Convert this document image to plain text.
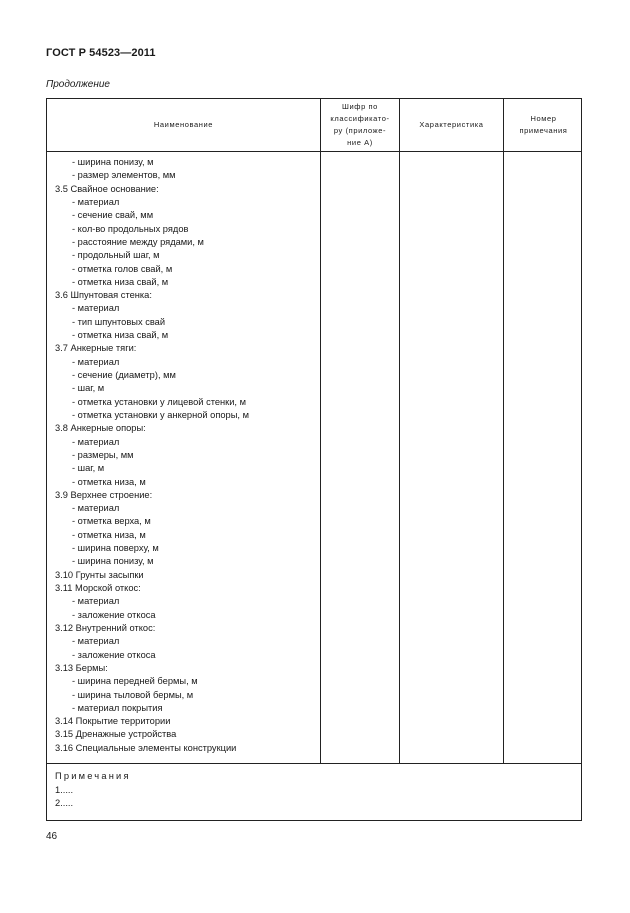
ГОСТ Р 54523—2011
Продолжение
Наименование
Шифр по классификато-ру (приложе-ние А)
Характеристика
Номер примечания
- ширина понизу, м
- размер элементов, мм
3.5 Свайное основание:
- материал
- сечение свай, мм
- кол-во продольных рядов
- расстояние между рядами, м
- продольный шаг, м
- отметка голов свай, м
- отметка низа свай, м
3.6 Шпунтовая стенка:
- материал
- тип шпунтовых свай
- отметка низа свай, м
3.7 Анкерные тяги:
- материал
- сечение (диаметр), мм
- шаг, м
- отметка установки у лицевой стенки, м
- отметка установки у анкерной опоры, м
3.8 Анкерные опоры:
- материал
- размеры, мм
- шаг, м
- отметка низа, м
3.9 Верхнее строение:
- материал
- отметка верха, м
- отметка низа, м
- ширина поверху, м
- ширина понизу, м
3.10 Грунты засыпки
3.11 Морской откос:
- материал
- заложение откоса
3.12 Внутренний откос:
- материал
- заложение откоса
3.13 Бермы:
- ширина передней бермы, м
- ширина тыловой бермы, м
- материал покрытия
3.14 Покрытие территории
3.15 Дренажные устройства
3.16 Специальные элементы конструкции
Примечания
1.....
2.....
46
